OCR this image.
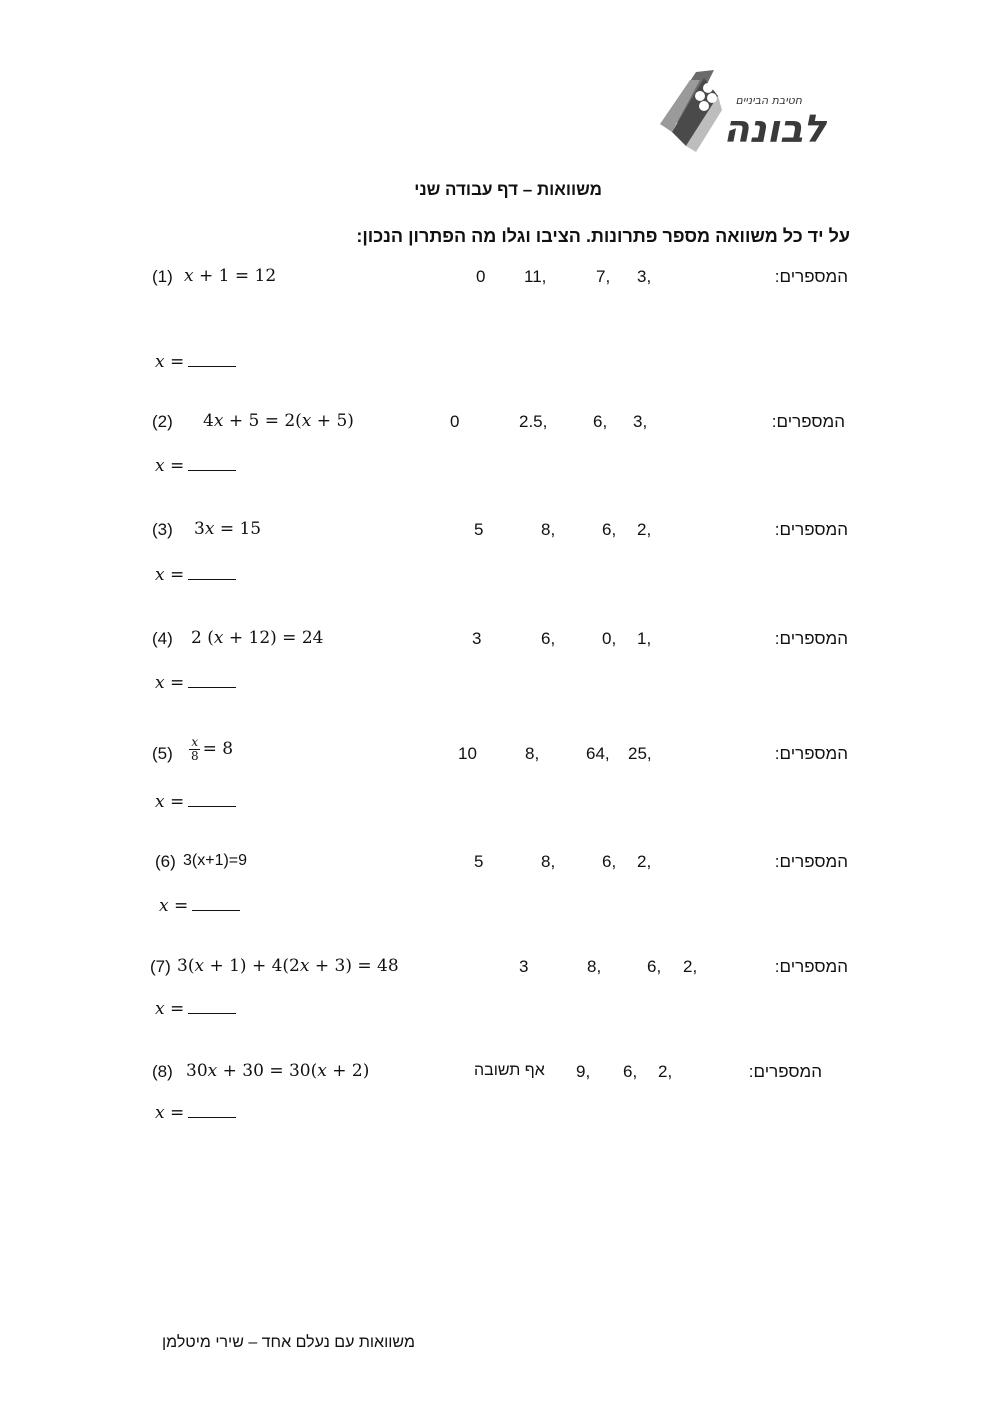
חטיבת הביניים
לבונה
משוואות – דף עבודה שני
על יד כל משוואה מספר פתרונות. הציבו וגלו מה הפתרון הנכון:
(1) x + 1 = 12	0 11,	7, 3,	המספרים:
x =
(2) 4x + 5 = 2(x + 5)	0	2.5,	6, 3,	המספרים:
x =
(3) 3x = 15	5	8,	6, 2,	המספרים:
x =
(4) 2 (x + 12) = 24	3	6,	0, 1,	המספרים:
x =
$(5) \frac{x}{8} = 8$	10	8,	64, 25,	המספרים:
x =
(6) 3(x+1)=9	5	8,	6, 2,	המספרים:
x =
(7) 3(x + 1) + 4(2x + 3) = 48	3	8,	6, 2,	המספרים:
x =
(8) 30x + 30 = 30(x + 2)	אף תשובה 9, 6, 2,	המספרים:
x =
משוואות עם נעלם אחד – שירי מיטלמן
